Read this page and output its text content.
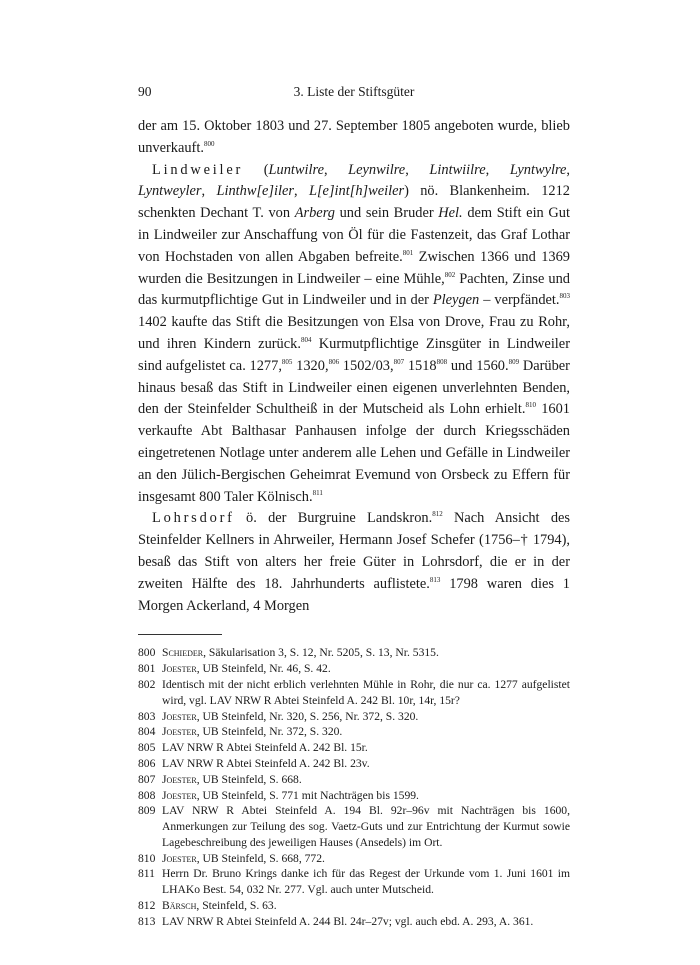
90	3. Liste der Stiftsgüter

der am 15. Oktober 1803 und 27. September 1805 angeboten wurde, blieb unverkauft.$^{800}$

Lindweiler (Luntwilre, Leynwilre, Lintwiilre, Lyntwylre, Lyntweyler, Linthw[e]iler, L[e]int[h]weiler) nö. Blankenheim. 1212 schenkten Dechant T. von Arberg und sein Bruder Hel. dem Stift ein Gut in Lindweiler zur Anschaffung von Öl für die Fastenzeit, das Graf Lothar von Hochstaden von allen Abgaben befreite.$^{801}$ Zwischen 1366 und 1369 wurden die Besitzungen in Lindweiler – eine Mühle,$^{802}$ Pachten, Zinse und das kurmutpflichtige Gut in Lindweiler und in der Pleygen – verpfändet.$^{803}$ 1402 kaufte das Stift die Besitzungen von Elsa von Drove, Frau zu Rohr, und ihren Kindern zurück.$^{804}$ Kurmutpflichtige Zinsgüter in Lindweiler sind aufgelistet ca. 1277,$^{805}$ 1320,$^{806}$ 1502/03,$^{807}$ 1518$^{808}$ und 1560.$^{809}$ Darüber hinaus besaß das Stift in Lindweiler einen eigenen unverlehnten Benden, den der Steinfelder Schultheiß in der Mutscheid als Lohn erhielt.$^{810}$ 1601 verkaufte Abt Balthasar Panhausen infolge der durch Kriegsschäden eingetretenen Notlage unter anderem alle Lehen und Gefälle in Lindweiler an den Jülich-Bergischen Geheimrat Evemund von Orsbeck zu Effern für insgesamt 800 Taler Kölnisch.$^{811}$

Lohrsdorf ö. der Burgruine Landskron.$^{812}$ Nach Ansicht des Steinfelder Kellners in Ahrweiler, Hermann Josef Schefer (1756–† 1794), besaß das Stift von alters her freie Güter in Lohrsdorf, die er in der zweiten Hälfte des 18. Jahrhunderts auflistete.$^{813}$ 1798 waren dies 1 Morgen Ackerland, 4 Morgen

800 Schieder, Säkularisation 3, S. 12, Nr. 5205, S. 13, Nr. 5315.
801 Joester, UB Steinfeld, Nr. 46, S. 42.
802 Identisch mit der nicht erblich verlehnten Mühle in Rohr, die nur ca. 1277 aufgelistet wird, vgl. LAV NRW R Abtei Steinfeld A. 242 Bl. 10r, 14r, 15r?
803 Joester, UB Steinfeld, Nr. 320, S. 256, Nr. 372, S. 320.
804 Joester, UB Steinfeld, Nr. 372, S. 320.
805 LAV NRW R Abtei Steinfeld A. 242 Bl. 15r.
806 LAV NRW R Abtei Steinfeld A. 242 Bl. 23v.
807 Joester, UB Steinfeld, S. 668.
808 Joester, UB Steinfeld, S. 771 mit Nachträgen bis 1599.
809 LAV NRW R Abtei Steinfeld A. 194 Bl. 92r–96v mit Nachträgen bis 1600, Anmerkungen zur Teilung des sog. Vaetz-Guts und zur Entrichtung der Kurmut sowie Lagebeschreibung des jeweiligen Hauses (Ansedels) im Ort.
810 Joester, UB Steinfeld, S. 668, 772.
811 Herrn Dr. Bruno Krings danke ich für das Regest der Urkunde vom 1. Juni 1601 im LHAKo Best. 54, 032 Nr. 277. Vgl. auch unter Mutscheid.
812 Bärsch, Steinfeld, S. 63.
813 LAV NRW R Abtei Steinfeld A. 244 Bl. 24r–27v; vgl. auch ebd. A. 293, A. 361.
